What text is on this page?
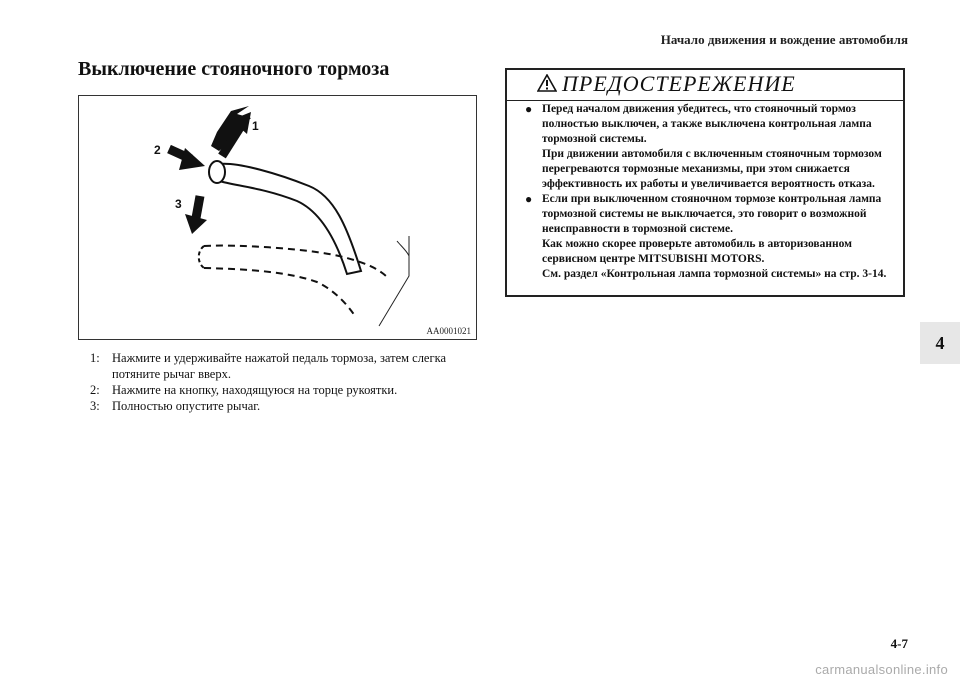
Начало движения и вождение автомобиля
Выключение стояночного тормоза
1
2
3
AA0001021
1: Нажмите и удерживайте нажатой педаль тормоза, затем слегка потяните рычаг вверх.
2: Нажмите на кнопку, находящуюся на торце рукоятки.
3: Полностью опустите рычаг.
ПРЕДОСТЕРЕЖЕНИЕ
● Перед началом движения убедитесь, что стояночный тормоз полностью выключен, а также выключена контрольная лампа тормозной системы.
При движении автомобиля с включенным стояночным тормозом перегреваются тормозные механизмы, при этом снижается эффективность их работы и увеличивается вероятность отказа.
● Если при выключенном стояночном тормозе контрольная лампа тормозной системы не выключается, это говорит о возможной неисправности в тормозной системе.
Как можно скорее проверьте автомобиль в авторизованном сервисном центре MITSUBISHI MOTORS.
См. раздел «Контрольная лампа тормозной системы» на стр. 3-14.
4
4-7
carmanualsonline.info
